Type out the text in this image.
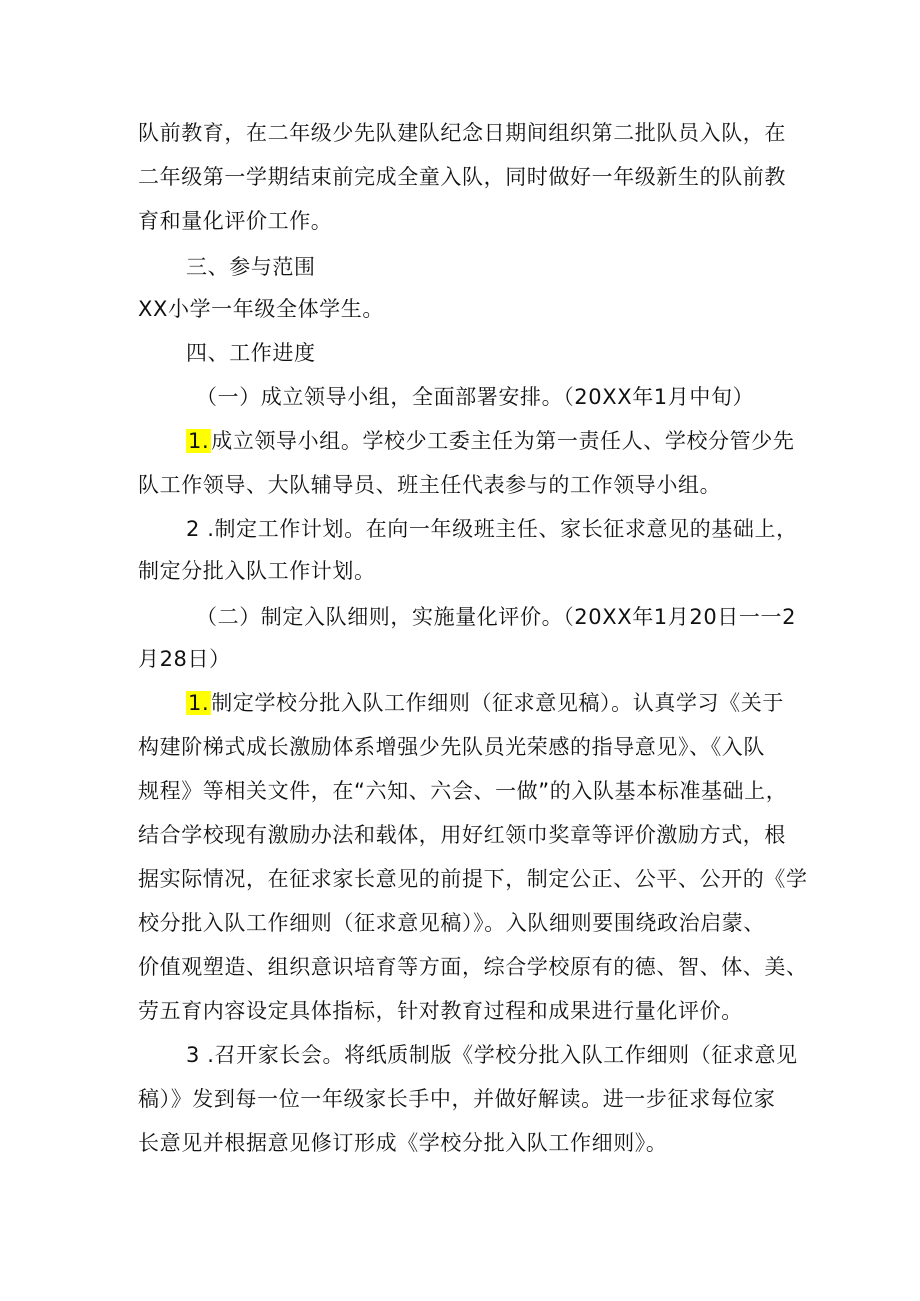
队前教育，在二年级少先队建队纪念日期间组织第二批队员入队，在
二年级第一学期结束前完成全童入队，同时做好一年级新生的队前教
育和量化评价工作。
三、参与范围
XX小学一年级全体学生。
四、工作进度
（一）成立领导小组，全面部署安排。（20XX年1月中旬）
1.成立领导小组。学校少工委主任为第一责任人、学校分管少先
队工作领导、大队辅导员、班主任代表参与的工作领导小组。
2 .制定工作计划。在向一年级班主任、家长征求意见的基础上，
制定分批入队工作计划。
（二）制定入队细则，实施量化评价。（20XX年1月20日一一2
月28日）
1.制定学校分批入队工作细则（征求意见稿）。认真学习《关于
构建阶梯式成长激励体系增强少先队员光荣感的指导意见》、《入队
规程》等相关文件，在“六知、六会、一做”的入队基本标准基础上，
结合学校现有激励办法和载体，用好红领巾奖章等评价激励方式，根
据实际情况，在征求家长意见的前提下，制定公正、公平、公开的《学
校分批入队工作细则（征求意见稿）》。入队细则要围绕政治启蒙、
价值观塑造、组织意识培育等方面，综合学校原有的德、智、体、美、
劳五育内容设定具体指标，针对教育过程和成果进行量化评价。
3 .召开家长会。将纸质制版《学校分批入队工作细则（征求意见
稿）》发到每一位一年级家长手中，并做好解读。进一步征求每位家
长意见并根据意见修订形成《学校分批入队工作细则》。
